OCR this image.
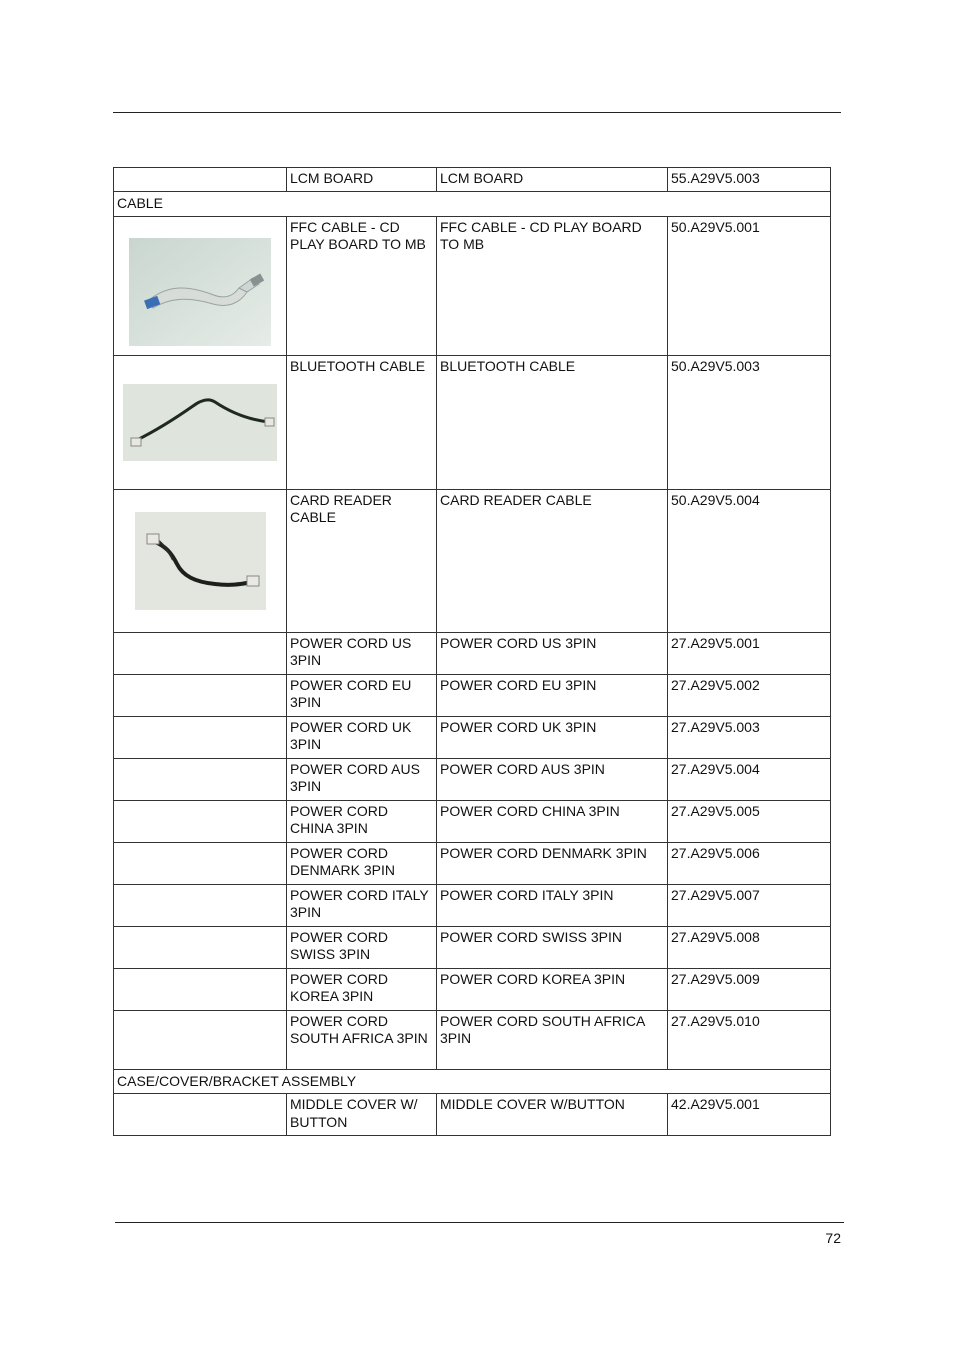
	LCM BOARD	LCM BOARD	55.A29V5.003
CABLE			

	FFC CABLE - CD PLAY BOARD TO MB	FFC CABLE - CD PLAY BOARD TO MB	50.A29V5.001

	BLUETOOTH CABLE	BLUETOOTH CABLE	50.A29V5.003

	CARD READER CABLE	CARD READER CABLE	50.A29V5.004
	POWER CORD US 3PIN	POWER CORD US 3PIN	27.A29V5.001
	POWER CORD EU 3PIN	POWER CORD EU 3PIN	27.A29V5.002
	POWER CORD UK 3PIN	POWER CORD UK 3PIN	27.A29V5.003
	POWER CORD AUS 3PIN	POWER CORD AUS 3PIN	27.A29V5.004
	POWER CORD CHINA 3PIN	POWER CORD CHINA 3PIN	27.A29V5.005
	POWER CORD DENMARK 3PIN	POWER CORD DENMARK 3PIN	27.A29V5.006
	POWER CORD ITALY 3PIN	POWER CORD ITALY 3PIN	27.A29V5.007
	POWER CORD SWISS 3PIN	POWER CORD SWISS 3PIN	27.A29V5.008
	POWER CORD KOREA 3PIN	POWER CORD KOREA 3PIN	27.A29V5.009
	POWER CORD SOUTH AFRICA 3PIN	POWER CORD SOUTH AFRICA 3PIN	27.A29V5.010
CASE/COVER/BRACKET ASSEMBLY			
	MIDDLE COVER W/ BUTTON	MIDDLE COVER W/BUTTON	42.A29V5.001
72
